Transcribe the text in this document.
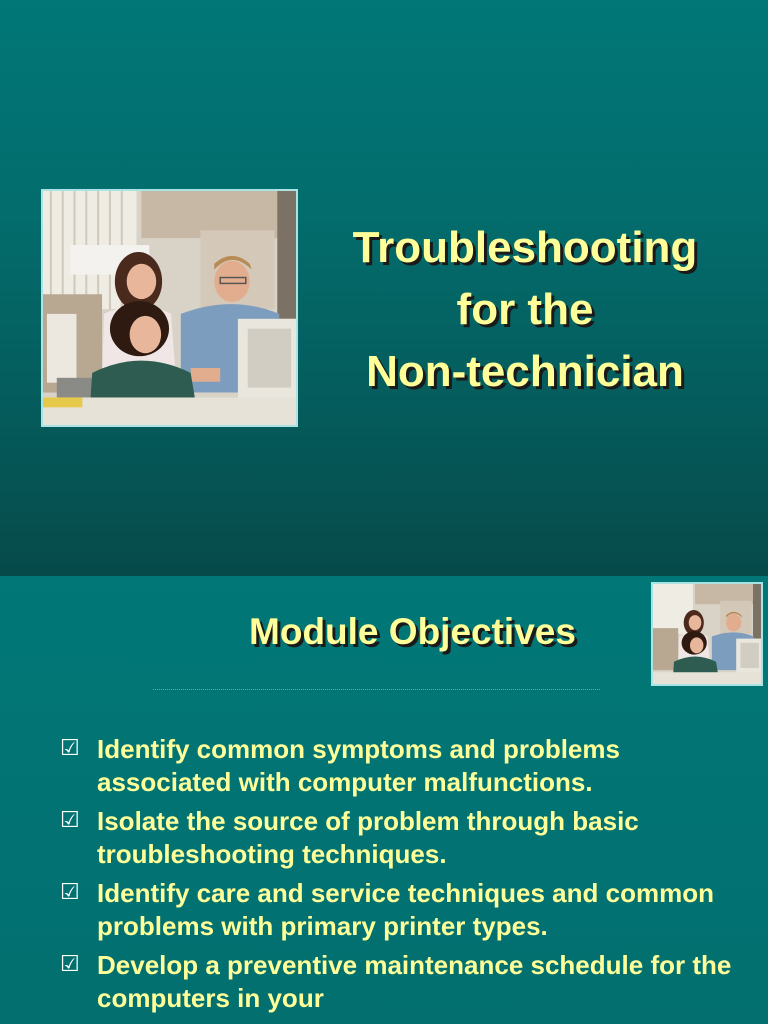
Troubleshooting
for the
Non-technician
Module Objectives
☑ Identify common symptoms and problems associated with computer malfunctions.
☑ Isolate the source of problem through basic troubleshooting techniques.
☑ Identify care and service techniques and common problems with primary printer types.
☑ Develop a preventive maintenance schedule for the computers in your
